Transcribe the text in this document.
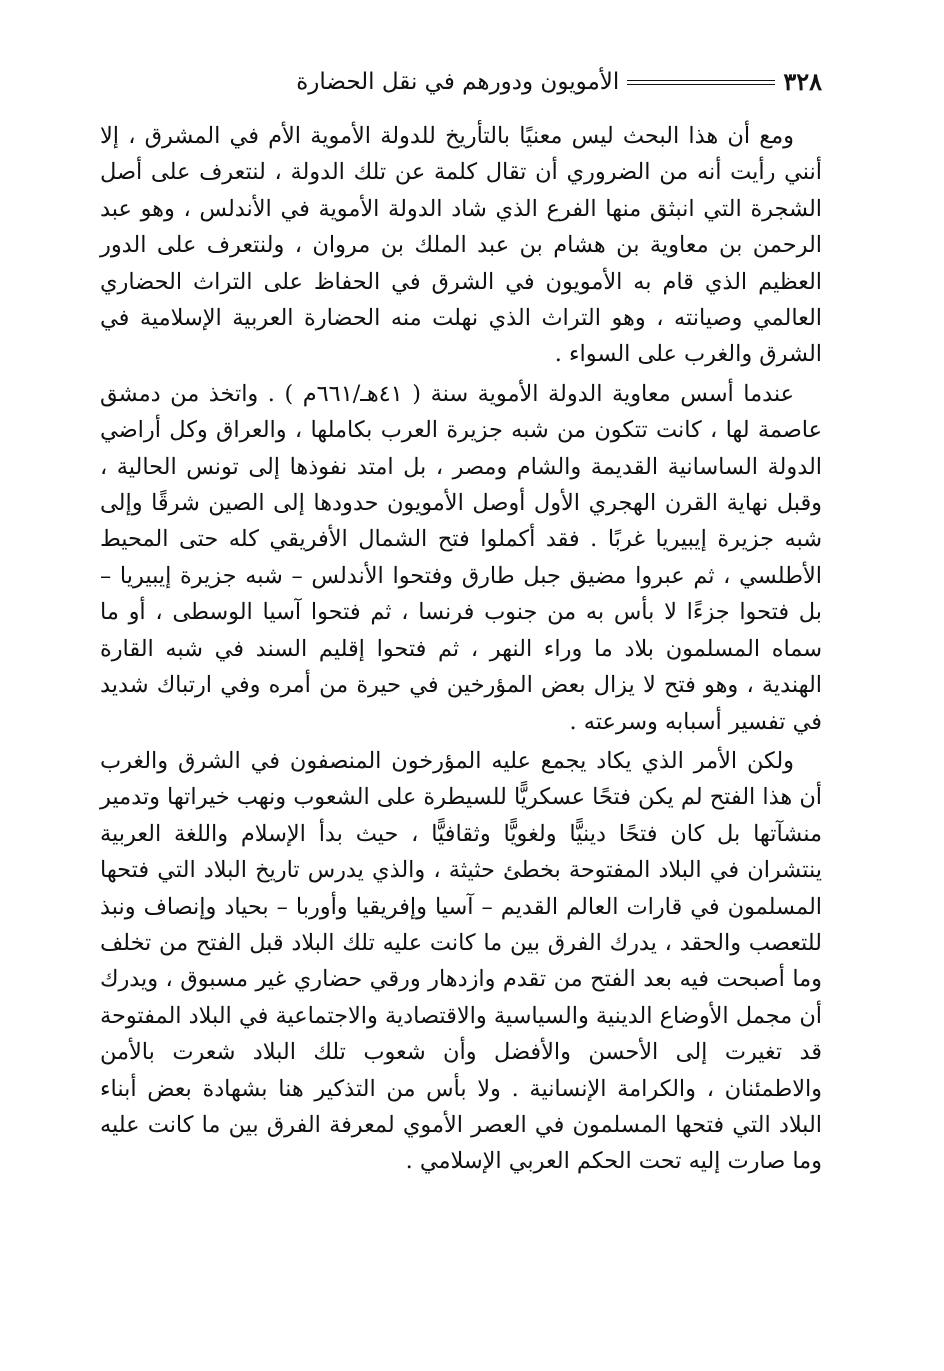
٣٢٨
الأمويون ودورهم في نقل الحضارة

ومع أن هذا البحث ليس معنيًا بالتأريخ للدولة الأموية الأم في المشرق ، إلا أنني رأيت أنه من الضروري أن تقال كلمة عن تلك الدولة ، لنتعرف على أصل الشجرة التي انبثق منها الفرع الذي شاد الدولة الأموية في الأندلس ، وهو عبد الرحمن بن معاوية بن هشام بن عبد الملك بن مروان ، ولنتعرف على الدور العظيم الذي قام به الأمويون في الشرق في الحفاظ على التراث الحضاري العالمي وصيانته ، وهو التراث الذي نهلت منه الحضارة العربية الإسلامية في الشرق والغرب على السواء .

عندما أسس معاوية الدولة الأموية سنة ( ٤١هـ/٦٦١م ) . واتخذ من دمشق عاصمة لها ، كانت تتكون من شبه جزيرة العرب بكاملها ، والعراق وكل أراضي الدولة الساسانية القديمة والشام ومصر ، بل امتد نفوذها إلى تونس الحالية ، وقبل نهاية القرن الهجري الأول أوصل الأمويون حدودها إلى الصين شرقًا وإلى شبه جزيرة إيبيريا غربًا . فقد أكملوا فتح الشمال الأفريقي كله حتى المحيط الأطلسي ، ثم عبروا مضيق جبل طارق وفتحوا الأندلس – شبه جزيرة إيبيريا – بل فتحوا جزءًا لا بأس به من جنوب فرنسا ، ثم فتحوا آسيا الوسطى ، أو ما سماه المسلمون بلاد ما وراء النهر ، ثم فتحوا إقليم السند في شبه القارة الهندية ، وهو فتح لا يزال بعض المؤرخين في حيرة من أمره وفي ارتباك شديد في تفسير أسبابه وسرعته .

ولكن الأمر الذي يكاد يجمع عليه المؤرخون المنصفون في الشرق والغرب أن هذا الفتح لم يكن فتحًا عسكريًّا للسيطرة على الشعوب ونهب خيراتها وتدمير منشآتها بل كان فتحًا دينيًّا ولغويًّا وثقافيًّا ، حيث بدأ الإسلام واللغة العربية ينتشران في البلاد المفتوحة بخطئ حثيثة ، والذي يدرس تاريخ البلاد التي فتحها المسلمون في قارات العالم القديم – آسيا وإفريقيا وأوربا – بحياد وإنصاف ونبذ للتعصب والحقد ، يدرك الفرق بين ما كانت عليه تلك البلاد قبل الفتح من تخلف وما أصبحت فيه بعد الفتح من تقدم وازدهار ورقي حضاري غير مسبوق ، ويدرك أن مجمل الأوضاع الدينية والسياسية والاقتصادية والاجتماعية في البلاد المفتوحة قد تغيرت إلى الأحسن والأفضل وأن شعوب تلك البلاد شعرت بالأمن والاطمئنان ، والكرامة الإنسانية . ولا بأس من التذكير هنا بشهادة بعض أبناء البلاد التي فتحها المسلمون في العصر الأموي لمعرفة الفرق بين ما كانت عليه وما صارت إليه تحت الحكم العربي الإسلامي .
